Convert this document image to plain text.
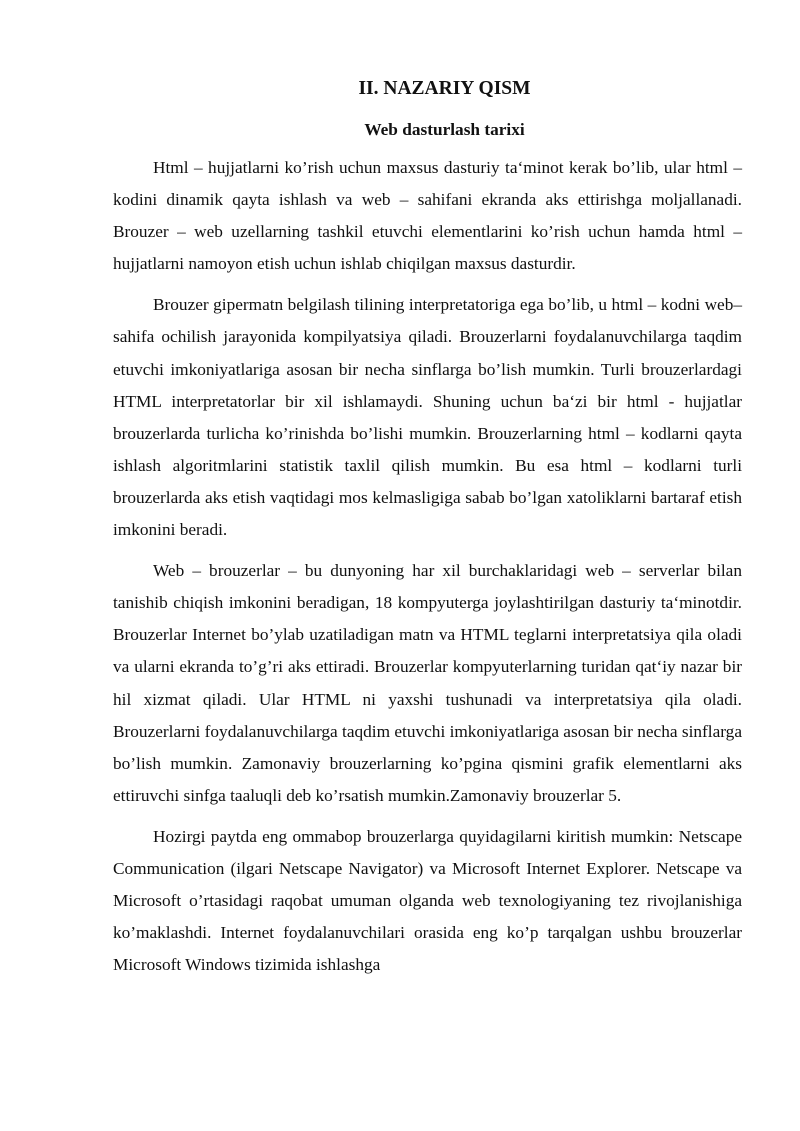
II. NAZARIY QISM
Web dasturlash tarixi

Html – hujjatlarni ko’rish uchun maxsus dasturiy ta‘minot kerak bo’lib, ular html – kodini dinamik qayta ishlash va web – sahifani ekranda aks ettirishga moljallanadi. Brouzer – web uzellarning tashkil etuvchi elementlarini ko’rish uchun hamda html – hujjatlarni namoyon etish uchun ishlab chiqilgan maxsus dasturdir.

Brouzer gipermatn belgilash tilining interpretatoriga ega bo’lib, u html – kodni web–sahifa ochilish jarayonida kompilyatsiya qiladi. Brouzerlarni foydalanuvchilarga taqdim etuvchi imkoniyatlariga asosan bir necha sinflarga bo’lish mumkin. Turli brouzerlardagi HTML interpretatorlar bir xil ishlamaydi. Shuning uchun ba‘zi bir html - hujjatlar brouzerlarda turlicha ko’rinishda bo’lishi mumkin. Brouzerlarning html – kodlarni qayta ishlash algoritmlarini statistik taxlil qilish mumkin. Bu esa html – kodlarni turli brouzerlarda aks etish vaqtidagi mos kelmasligiga sabab bo’lgan xatoliklarni bartaraf etish imkonini beradi.

Web – brouzerlar – bu dunyoning har xil burchaklaridagi web – serverlar bilan tanishib chiqish imkonini beradigan, 18 kompyuterga joylashtirilgan dasturiy ta‘minotdir. Brouzerlar Internet bo’ylab uzatiladigan matn va HTML teglarni interpretatsiya qila oladi va ularni ekranda to’g’ri aks ettiradi. Brouzerlar kompyuterlarning turidan qat‘iy nazar bir hil xizmat qiladi. Ular HTML ni yaxshi tushunadi va interpretatsiya qila oladi. Brouzerlarni foydalanuvchilarga taqdim etuvchi imkoniyatlariga asosan bir necha sinflarga bo’lish mumkin. Zamonaviy brouzerlarning ko’pgina qismini grafik elementlarni aks ettiruvchi sinfga taaluqli deb ko’rsatish mumkin.Zamonaviy brouzerlar 5.

Hozirgi paytda eng ommabop brouzerlarga quyidagilarni kiritish mumkin: Netscape Communication (ilgari Netscape Navigator) va Microsoft Internet Explorer. Netscape va Microsoft o’rtasidagi raqobat umuman olganda web texnologiyaning tez rivojlanishiga ko’maklashdi. Internet foydalanuvchilari orasida eng ko’p tarqalgan ushbu brouzerlar Microsoft Windows tizimida ishlashga
